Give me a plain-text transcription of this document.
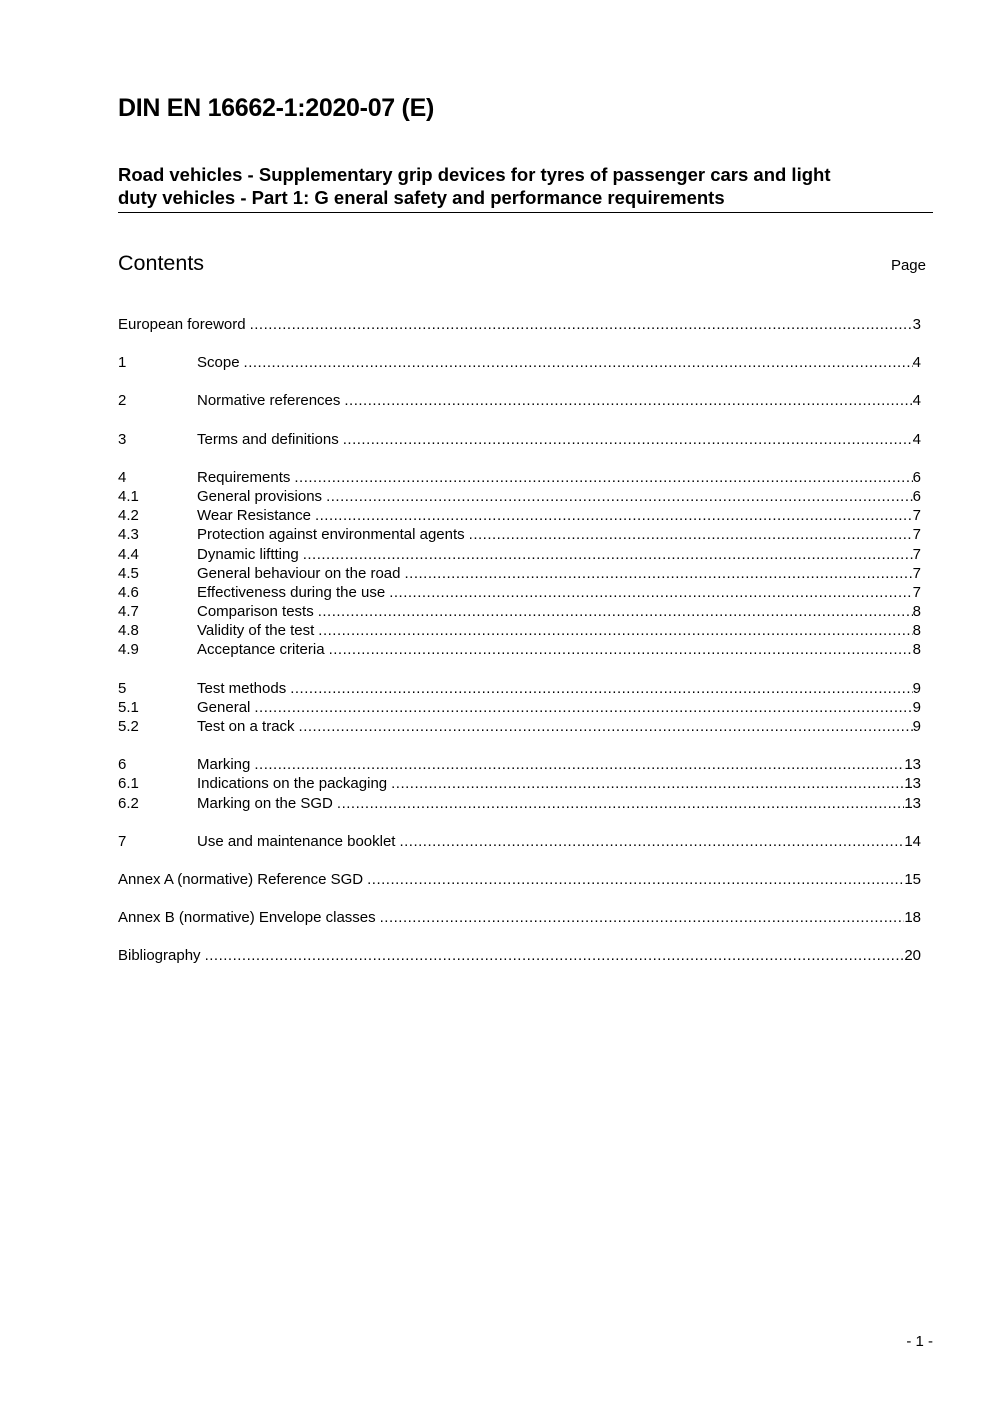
DIN EN 16662-1:2020-07 (E)
Road vehicles - Supplementary grip devices for tyres of passenger cars and light
duty vehicles - Part 1: G eneral safety and performance requirements
Contents	Page
European foreword .....	3
1	Scope .....	4
2	Normative references .....	4
3	Terms and definitions .....	4
4	Requirements .....	6
4.1	General provisions .....	6
4.2	Wear Resistance .....	7
4.3	Protection against environmental agents .....	7
4.4	Dynamic liftting .....	7
4.5	General behaviour on the road .....	7
4.6	Effectiveness during the use .....	7
4.7	Comparison tests .....	8
4.8	Validity of the test .....	8
4.9	Acceptance criteria .....	8
5	Test methods .....	9
5.1	General .....	9
5.2	Test on a track .....	9
6	Marking .....	13
6.1	Indications on the packaging .....	13
6.2	Marking on the SGD .....	13
7	Use and maintenance booklet .....	14
Annex A (normative) Reference SGD .....	15
Annex B (normative) Envelope classes .....	18
Bibliography .....	20
- 1 -
